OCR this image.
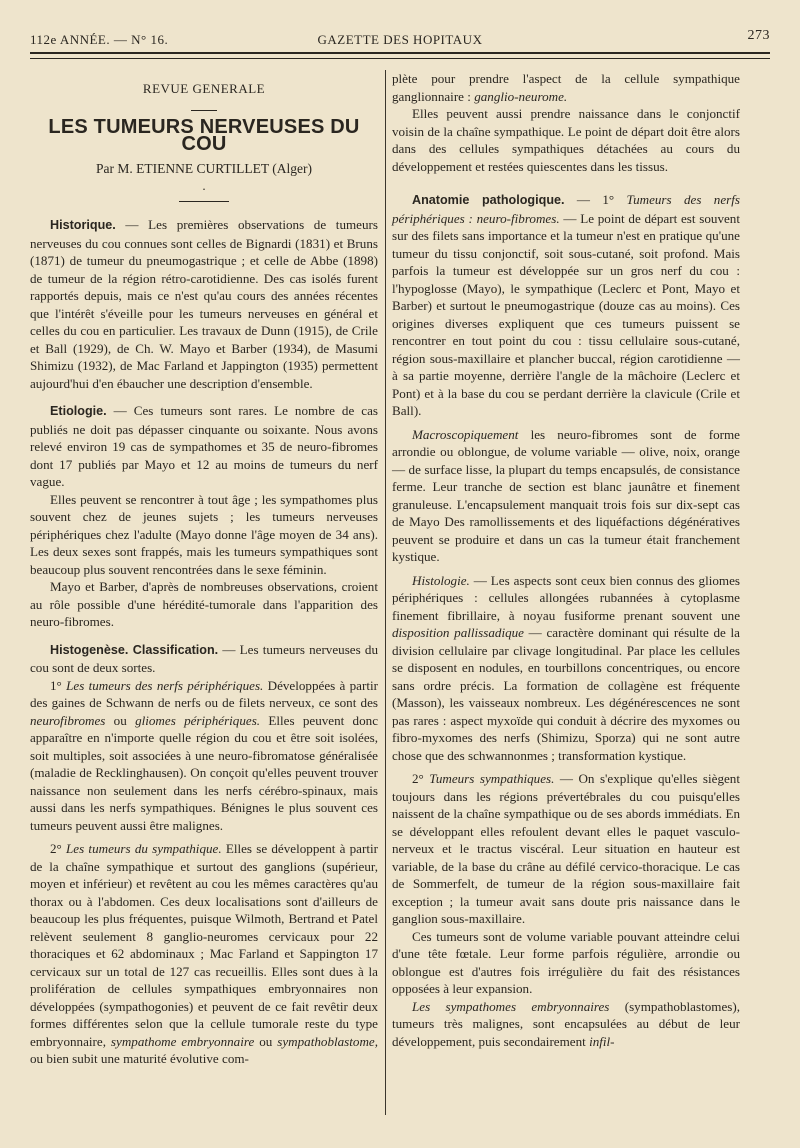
112e ANNÉE. — N° 16.	GAZETTE DES HOPITAUX	273
REVUE GENERALE
LES TUMEURS NERVEUSES DU COU
Par M. ETIENNE CURTILLET (Alger)
.

Historique. — Les premières observations de tumeurs nerveuses du cou connues sont celles de Bignardi (1831) et Bruns (1871) de tumeur du pneumogastrique ; et celle de Abbe (1898) de tumeur de la région rétro-carotidienne. Des cas isolés furent rapportés depuis, mais ce n'est qu'au cours des années récentes que l'intérêt s'éveille pour les tumeurs nerveuses en général et celles du cou en particulier. Les travaux de Dunn (1915), de Crile et Ball (1929), de Ch. W. Mayo et Barber (1934), de Masumi Shimizu (1932), de Mac Farland et Jappington (1935) permettent aujourd'hui d'en ébaucher une description d'ensemble.

Etiologie. — Ces tumeurs sont rares. Le nombre de cas publiés ne doit pas dépasser cinquante ou soixante. Nous avons relevé environ 19 cas de sympathomes et 35 de neuro-fibromes dont 17 publiés par Mayo et 12 au moins de tumeurs du nerf vague.

Elles peuvent se rencontrer à tout âge ; les sympathomes plus souvent chez de jeunes sujets ; les tumeurs nerveuses périphériques chez l'adulte (Mayo donne l'âge moyen de 34 ans). Les deux sexes sont frappés, mais les tumeurs sympathiques sont beaucoup plus souvent rencontrées dans le sexe féminin.

Mayo et Barber, d'après de nombreuses observations, croient au rôle possible d'une hérédité-tumorale dans l'apparition des neuro-fibromes.

Histogenèse. Classification. — Les tumeurs nerveuses du cou sont de deux sortes.

1° Les tumeurs des nerfs périphériques. Développées à partir des gaines de Schwann de nerfs ou de filets nerveux, ce sont des neurofibromes ou gliomes périphériques. Elles peuvent donc apparaître en n'importe quelle région du cou et être soit isolées, soit multiples, soit associées à une neuro-fibromatose généralisée (maladie de Recklinghausen). On conçoit qu'elles peuvent trouver naissance non seulement dans les nerfs cérébro-spinaux, mais aussi dans les nerfs sympathiques. Bénignes le plus souvent ces tumeurs peuvent aussi être malignes.

2° Les tumeurs du sympathique. Elles se développent à partir de la chaîne sympathique et surtout des ganglions (supérieur, moyen et inférieur) et revêtent au cou les mêmes caractères qu'au thorax ou à l'abdomen. Ces deux localisations sont d'ailleurs de beaucoup les plus fréquentes, puisque Wilmoth, Bertrand et Patel relèvent seulement 8 ganglio-neuromes cervicaux pour 22 thoraciques et 62 abdominaux ; Mac Farland et Sappington 17 cervicaux sur un total de 127 cas recueillis. Elles sont dues à la prolifération de cellules sympathiques embryonnaires non développées (sympathogonies) et peuvent de ce fait revêtir deux formes différentes selon que la cellule tumorale reste du type embryonnaire, sympathome embryonnaire ou sympathoblastome, ou bien subit une maturité évolutive com-

plète pour prendre l'aspect de la cellule sympathique ganglionnaire : ganglio-neurome.

Elles peuvent aussi prendre naissance dans le conjonctif voisin de la chaîne sympathique. Le point de départ doit être alors dans des cellules sympathiques détachées au cours du développement et restées quiescentes dans les tissus.

Anatomie pathologique. — 1° Tumeurs des nerfs périphériques : neuro-fibromes. — Le point de départ est souvent sur des filets sans importance et la tumeur n'est en pratique qu'une tumeur du tissu conjonctif, soit sous-cutané, soit profond. Mais parfois la tumeur est développée sur un gros nerf du cou : l'hypoglosse (Mayo), le sympathique (Leclerc et Pont, Mayo et Barber) et surtout le pneumogastrique (douze cas au moins). Ces origines diverses expliquent que ces tumeurs puissent se rencontrer en tout point du cou : tissu cellulaire sous-cutané, région sous-maxillaire et plancher buccal, région carotidienne — à sa partie moyenne, derrière l'angle de la mâchoire (Leclerc et Pont) et à la base du cou se perdant derrière la clavicule (Crile et Ball).

Macroscopiquement les neuro-fibromes sont de forme arrondie ou oblongue, de volume variable — olive, noix, orange — de surface lisse, la plupart du temps encapsulés, de consistance ferme. Leur tranche de section est blanc jaunâtre et finement granuleuse. L'encapsulement manquait trois fois sur dix-sept cas de Mayo Des ramollissements et des liquéfactions dégénératives peuvent se produire et dans un cas la tumeur était franchement kystique.

Histologie. — Les aspects sont ceux bien connus des gliomes périphériques : cellules allongées rubannées à cytoplasme finement fibrillaire, à noyau fusiforme prenant souvent une disposition pallissadique — caractère dominant qui résulte de la division cellulaire par clivage longitudinal. Par place les cellules se disposent en nodules, en tourbillons concentriques, ou encore sans ordre précis. La formation de collagène est fréquente (Masson), les vaisseaux nombreux. Les dégénérescences ne sont pas rares : aspect myxoïde qui conduit à décrire des myxomes ou fibro-myxomes des nerfs (Shimizu, Sporza) qui ne sont autre chose que des schwannonmes ; transformation kystique.

2° Tumeurs sympathiques. — On s'explique qu'elles siègent toujours dans les régions prévertébrales du cou puisqu'elles naissent de la chaîne sympathique ou de ses abords immédiats. En se développant elles refoulent devant elles le paquet vasculo-nerveux et le tractus viscéral. Leur situation en hauteur est variable, de la base du crâne au défilé cervico-thoracique. Le cas de Sommerfelt, de tumeur de la région sous-maxillaire fait exception ; la tumeur avait sans doute pris naissance dans le ganglion sous-maxillaire.

Ces tumeurs sont de volume variable pouvant atteindre celui d'une tête fœtale. Leur forme parfois régulière, arrondie ou oblongue est d'autres fois irrégulière du fait des résistances opposées à leur expansion.

Les sympathomes embryonnaires (sympathoblastomes), tumeurs très malignes, sont encapsulées au début de leur développement, puis secondairement infil-
